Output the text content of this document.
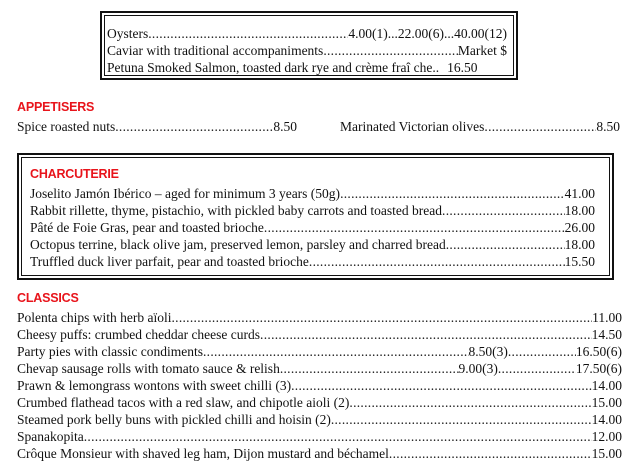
Oysters .....	4.00(1)...22.00(6)...40.00(12)
Caviar with traditional accompaniments .....	Market $
Petuna Smoked Salmon, toasted dark rye and crème fraî che.. 16.50
APPETISERS
Spice roasted nuts .....	8.50	Marinated Victorian olives .....	8.50
CHARCUTERIE
Joselito Jamón Ibérico – aged for minimum 3 years (50g) .....	41.00
Rabbit rillette, thyme, pistachio, with pickled baby carrots and toasted bread .....	18.00
Pâté de Foie Gras, pear and toasted brioche .....	26.00
Octopus terrine, black olive jam, preserved lemon, parsley and charred bread .....	18.00
Truffled duck liver parfait, pear and toasted brioche .....	15.50
CLASSICS
Polenta chips with herb aïoli .....	11.00
Cheesy puffs: crumbed cheddar cheese curds .....	14.50
Party pies with classic condiments .....	8.50(3) .....	16.50(6)
Chevap sausage rolls with tomato sauce & relish .....	9.00(3) .....	17.50(6)
Prawn & lemongrass wontons with sweet chilli (3) .....	14.00
Crumbed flathead tacos with a red slaw, and chipotle aioli (2) .....	15.00
Steamed pork belly buns with pickled chilli and hoisin (2) .....	14.00
Spanakopita .....	12.00
Crôque Monsieur with shaved leg ham, Dijon mustard and béchamel .....	15.00
